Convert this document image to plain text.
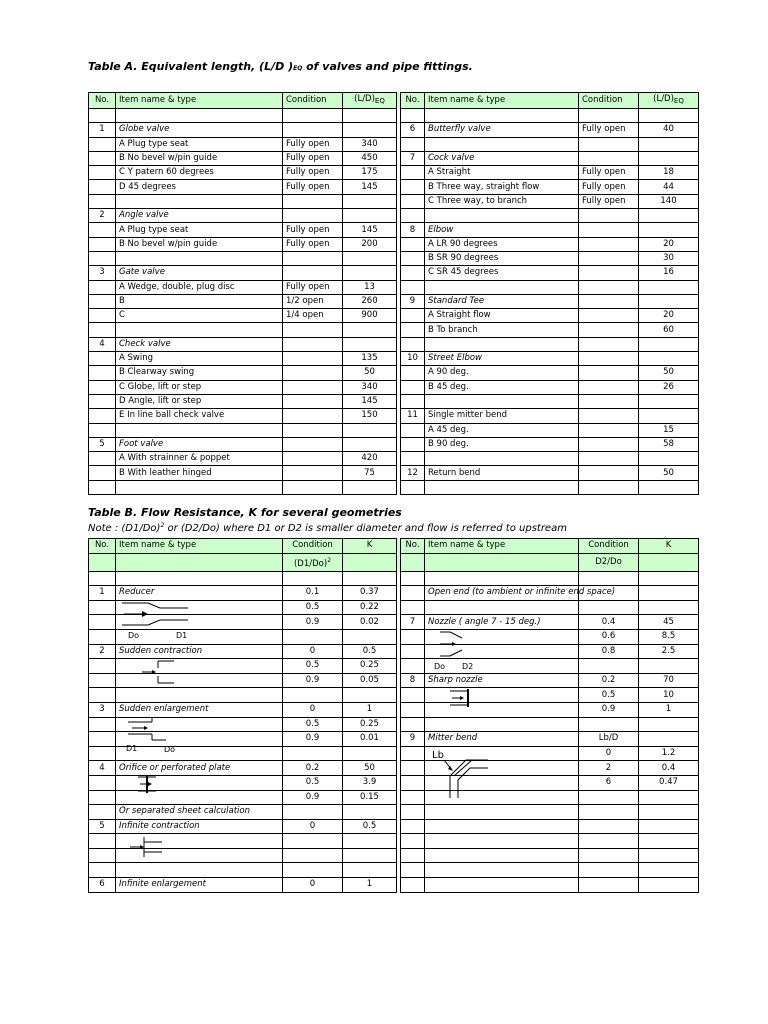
Table A. Equivalent length, (L/D )EQ of valves and pipe fittings.
No.	Item name & type	Condition	$(L/D)_{EQ}$		No.	Item name & type	Condition	$(L/D)_{EQ}$

1	Globe valve				6	Butterfly valve	Fully open	40
	A Plug type seat	Fully open	340					
	B No bevel w/pin guide	Fully open	450		7	Cock valve		
	C Y patern 60 degrees	Fully open	175			A Straight	Fully open	18
	D 45 degrees	Fully open	145			B Three way, straight flow	Fully open	44
						C Three way, to branch	Fully open	140
2	Angle valve							
	A Plug type seat	Fully open	145		8	Elbow		
	B No bevel w/pin guide	Fully open	200			A LR 90 degrees		20
						B SR 90 degrees		30
3	Gate valve					C SR 45 degrees		16
	A Wedge, double, plug disc	Fully open	13					
	B	1/2 open	260		9	Standard Tee		
	C	1/4 open	900			A Straight flow		20
						B To branch		60
4	Check valve							
	A Swing		135		10	Street Elbow		
	B Clearway swing		50			A 90 deg.		50
	C Globe, lift or step		340			B 45 deg.		26
	D Angle, lift or step		145					
	E In line ball check valve		150		11	Single mitter bend		
						A 45 deg.		15
5	Foot valve					B 90 deg.		58
	A With strainner & poppet		420					
	B With leather hinged		75		12	Return bend		50

Table B. Flow Resistance, K for several geometries
Note : $(D1/Do)^2$ or (D2/Do) where D1 or D2 is smaller diameter and flow is referred to upstream
No.	Item name & type	Condition	K		No.	Item name & type	Condition	K
		$(D1/Do)^2$					D2/Do	

1	Reducer	0.1	0.37			Open end (to ambient or infinite end space)		
		0.5	0.22					
		0.9	0.02		7	Nozzle ( angle 7 - 15 deg.)	0.4	45
							0.6	8.5
2	Sudden contraction	0	0.5				0.8	2.5
		0.5	0.25					
		0.9	0.05		8	Sharp nozzle	0.2	70
							0.5	10
3	Sudden enlargement	0	1				0.9	1
		0.5	0.25					
		0.9	0.01		9	Mitter bend	Lb/D	
							0	1.2
4	Orifice or perforated plate	0.2	50				2	0.4
		0.5	3.9				6	0.47
		0.9	0.15					
	Or separated sheet calculation							
5	Infinite contraction	0	0.5					

6	Infinite enlargement	0	1					
Do	D1
D1	Do
Do D2
Lb
